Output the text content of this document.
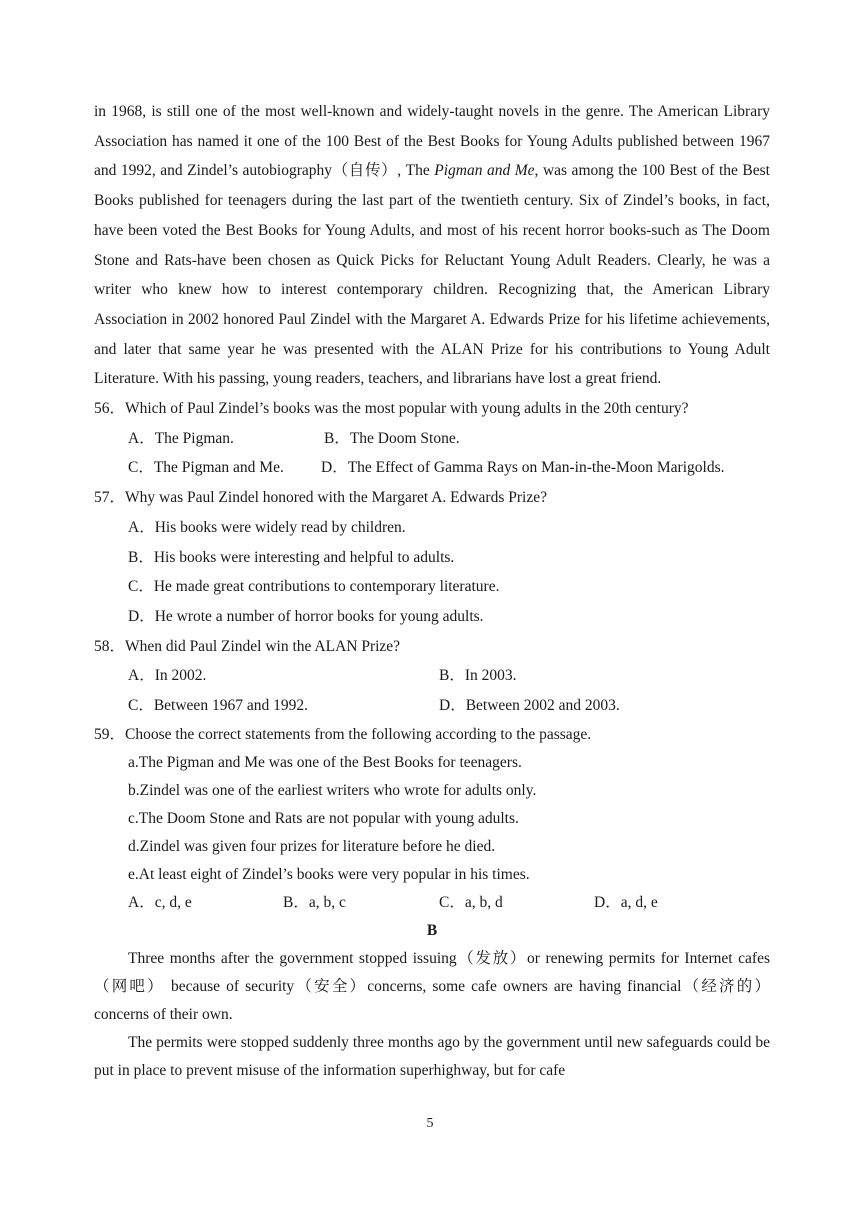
in 1968, is still one of the most well-known and widely-taught novels in the genre. The American Library Association has named it one of the 100 Best of the Best Books for Young Adults published between 1967 and 1992, and Zindel’s autobiography（自传）, The Pigman and Me, was among the 100 Best of the Best Books published for teenagers during the last part of the twentieth century. Six of Zindel’s books, in fact, have been voted the Best Books for Young Adults, and most of his recent horror books-such as The Doom Stone and Rats-have been chosen as Quick Picks for Reluctant Young Adult Readers. Clearly, he was a writer who knew how to interest contemporary children. Recognizing that, the American Library Association in 2002 honored Paul Zindel with the Margaret A. Edwards Prize for his lifetime achievements, and later that same year he was presented with the ALAN Prize for his contributions to Young Adult Literature. With his passing, young readers, teachers, and librarians have lost a great friend.

56．Which of Paul Zindel’s books was the most popular with young adults in the 20th century?

A．The Pigman.	B．The Doom Stone.
C．The Pigman and Me. D．The Effect of Gamma Rays on Man-in-the-Moon Marigolds.

57．Why was Paul Zindel honored with the Margaret A. Edwards Prize?

A．His books were widely read by children.

B．His books were interesting and helpful to adults.

C．He made great contributions to contemporary literature.

D．He wrote a number of horror books for young adults.

58．When did Paul Zindel win the ALAN Prize?

A．In 2002.	B．In 2003.
C．Between 1967 and 1992.	D．Between 2002 and 2003.

59．Choose the correct statements from the following according to the passage.

a.The Pigman and Me was one of the Best Books for teenagers.

b.Zindel was one of the earliest writers who wrote for adults only.

c.The Doom Stone and Rats are not popular with young adults.

d.Zindel was given four prizes for literature before he died.

e.At least eight of Zindel’s books were very popular in his times.

A．c, d, e	B．a, b, c	C．a, b, d	D．a, d, e

B

Three months after the government stopped issuing（发放）or renewing permits for Internet cafes（网吧） because of security（安全）concerns, some cafe owners are having financial（经济的）concerns of their own.

The permits were stopped suddenly three months ago by the government until new safeguards could be put in place to prevent misuse of the information superhighway, but for cafe

5
